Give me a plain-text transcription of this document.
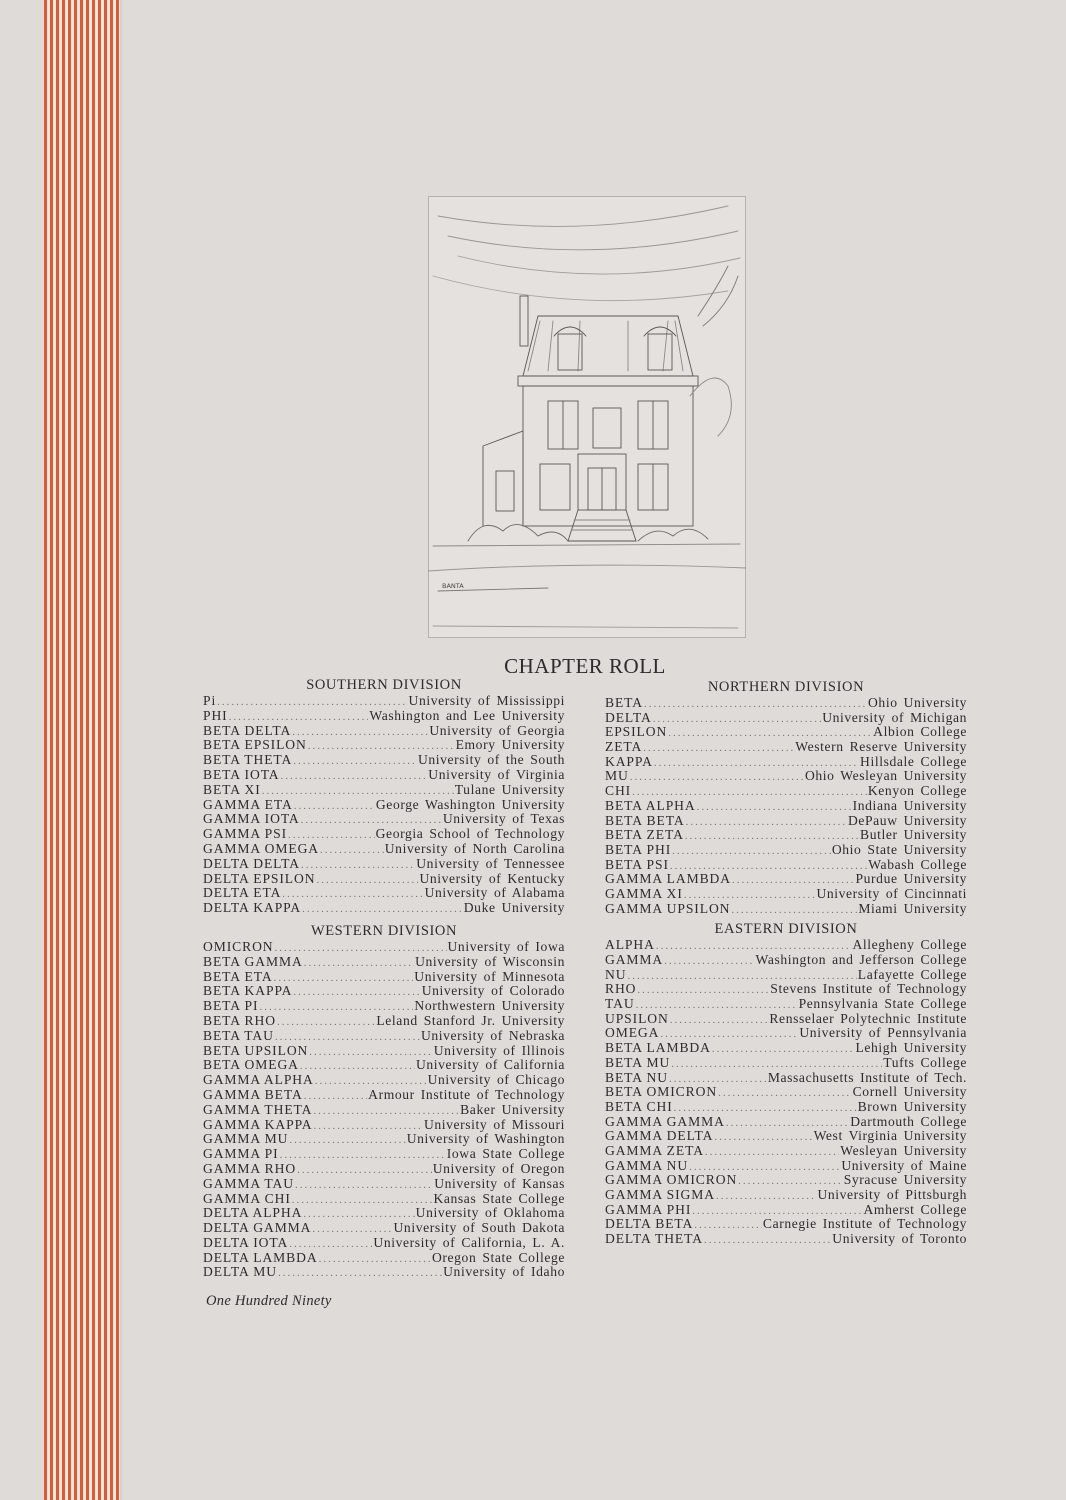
BANTA
CHAPTER ROLL
SOUTHERN DIVISION
Pi .....	University of Mississippi
PHI .....	Washington and Lee University
BETA DELTA .....	University of Georgia
BETA EPSILON .....	Emory University
BETA THETA .....	University of the South
BETA IOTA .....	University of Virginia
BETA XI .....	Tulane University
GAMMA ETA .....	George Washington University
GAMMA IOTA .....	University of Texas
GAMMA PSI .....	Georgia School of Technology
GAMMA OMEGA .....	University of North Carolina
DELTA DELTA .....	University of Tennessee
DELTA EPSILON .....	University of Kentucky
DELTA ETA .....	University of Alabama
DELTA KAPPA .....	Duke University
WESTERN DIVISION
OMICRON .....	University of Iowa
BETA GAMMA .....	University of Wisconsin
BETA ETA .....	University of Minnesota
BETA KAPPA .....	University of Colorado
BETA PI .....	Northwestern University
BETA RHO .....	Leland Stanford Jr. University
BETA TAU .....	University of Nebraska
BETA UPSILON .....	University of Illinois
BETA OMEGA .....	University of California
GAMMA ALPHA .....	University of Chicago
GAMMA BETA .....	Armour Institute of Technology
GAMMA THETA .....	Baker University
GAMMA KAPPA .....	University of Missouri
GAMMA MU .....	University of Washington
GAMMA PI .....	Iowa State College
GAMMA RHO .....	University of Oregon
GAMMA TAU .....	University of Kansas
GAMMA CHI .....	Kansas State College
DELTA ALPHA .....	University of Oklahoma
DELTA GAMMA .....	University of South Dakota
DELTA IOTA .....	University of California, L. A.
DELTA LAMBDA .....	Oregon State College
DELTA MU .....	University of Idaho
NORTHERN DIVISION
BETA .....	Ohio University
DELTA .....	University of Michigan
EPSILON .....	Albion College
ZETA .....	Western Reserve University
KAPPA .....	Hillsdale College
MU .....	Ohio Wesleyan University
CHI .....	Kenyon College
BETA ALPHA .....	Indiana University
BETA BETA .....	DePauw University
BETA ZETA .....	Butler University
BETA PHI .....	Ohio State University
BETA PSI .....	Wabash College
GAMMA LAMBDA .....	Purdue University
GAMMA XI .....	University of Cincinnati
GAMMA UPSILON .....	Miami University
EASTERN DIVISION
ALPHA .....	Allegheny College
GAMMA .....	Washington and Jefferson College
NU .....	Lafayette College
RHO .....	Stevens Institute of Technology
TAU .....	Pennsylvania State College
UPSILON .....	Rensselaer Polytechnic Institute
OMEGA .....	University of Pennsylvania
BETA LAMBDA .....	Lehigh University
BETA MU .....	Tufts College
BETA NU .....	Massachusetts Institute of Tech.
BETA OMICRON .....	Cornell University
BETA CHI .....	Brown University
GAMMA GAMMA .....	Dartmouth College
GAMMA DELTA .....	West Virginia University
GAMMA ZETA .....	Wesleyan University
GAMMA NU .....	University of Maine
GAMMA OMICRON .....	Syracuse University
GAMMA SIGMA .....	University of Pittsburgh
GAMMA PHI .....	Amherst College
DELTA BETA .....	Carnegie Institute of Technology
DELTA THETA .....	University of Toronto
One Hundred Ninety
